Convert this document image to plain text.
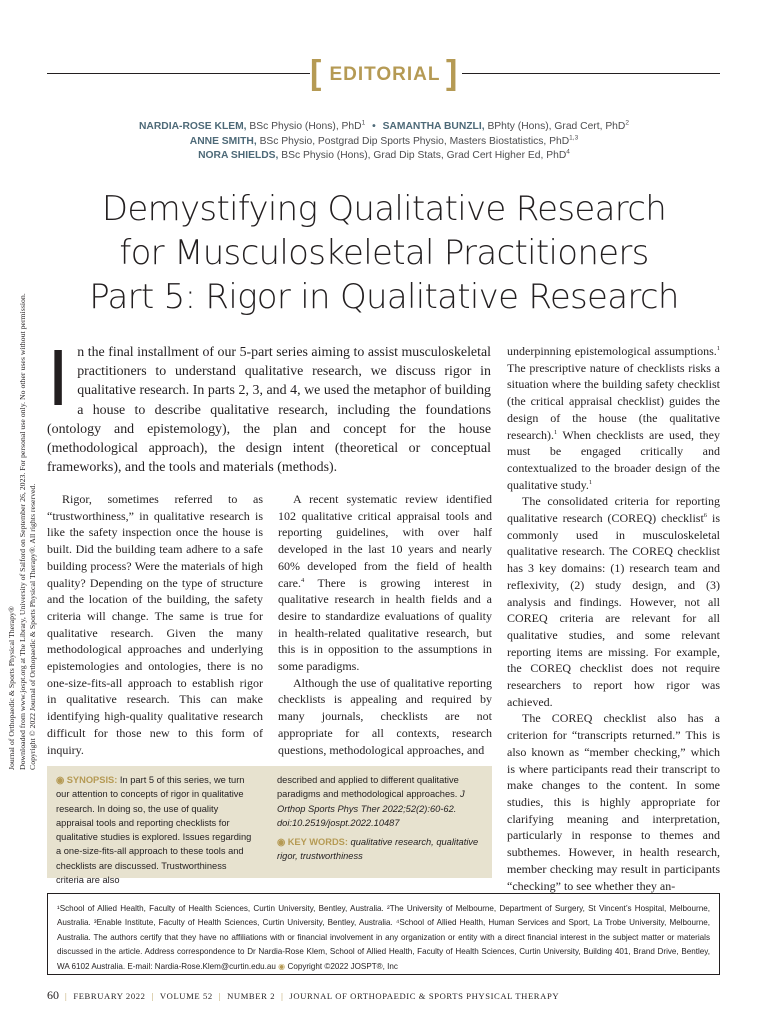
[ EDITORIAL ]
NARDIA-ROSE KLEM, BSc Physio (Hons), PhD$^1$ • SAMANTHA BUNZLI, BPhty (Hons), Grad Cert, PhD$^2$
ANNE SMITH, BSc Physio, Postgrad Dip Sports Physio, Masters Biostatistics, PhD$^{1,3}$
NORA SHIELDS, BSc Physio (Hons), Grad Dip Stats, Grad Cert Higher Ed, PhD$^4$
Demystifying Qualitative Research
for Musculoskeletal Practitioners
Part 5: Rigor in Qualitative Research
Journal of Orthopaedic & Sports Physical Therapy® Downloaded from www.jospt.org at The Library, University of Salford on September 26, 2023. For personal use only. No other uses without permission. Copyright © 2022 Journal of Orthopaedic & Sports Physical Therapy®. All rights reserved.
In the final installment of our 5-part series aiming to assist musculoskeletal practitioners to understand qualitative research, we discuss rigor in qualitative research. In parts 2, 3, and 4, we used the metaphor of building a house to describe qualitative research, including the foundations (ontology and epistemology), the plan and concept for the house (methodological approach), the design intent (theoretical or conceptual frameworks), and the tools and materials (methods).

Rigor, sometimes referred to as “trustworthiness,” in qualitative research is like the safety inspection once the house is built. Did the building team adhere to a safe building process? Were the materials of high quality? Depending on the type of structure and the location of the building, the safety criteria will change. The same is true for qualitative research. Given the many methodological approaches and underlying epistemologies and ontologies, there is no one-size-fits-all approach to establish rigor in qualitative research. This can make identifying high-quality qualitative research difficult for those new to this form of inquiry.

A recent systematic review identified 102 qualitative critical appraisal tools and reporting guidelines, with over half developed in the last 10 years and nearly 60% developed from the field of health care.$^4$ There is growing interest in qualitative research in health fields and a desire to standardize evaluations of quality in health-related qualitative research, but this is in opposition to the assumptions in some paradigms.

Although the use of qualitative reporting checklists is appealing and required by many journals, checklists are not appropriate for all contexts, research questions, methodological approaches, and

underpinning epistemological assumptions.$^1$ The prescriptive nature of checklists risks a situation where the building safety checklist (the critical appraisal checklist) guides the design of the house (the qualitative research).$^1$ When checklists are used, they must be engaged critically and contextualized to the broader design of the qualitative study.$^1$

The consolidated criteria for reporting qualitative research (COREQ) checklist$^6$ is commonly used in musculoskeletal qualitative research. The COREQ checklist has 3 key domains: (1) research team and reflexivity, (2) study design, and (3) analysis and findings. However, not all COREQ criteria are relevant for all qualitative studies, and some relevant reporting items are missing. For example, the COREQ checklist does not require researchers to report how rigor was achieved.

The COREQ checklist also has a criterion for “transcripts returned.” This is also known as “member checking,” which is where participants read their transcript to make changes to the content. In some studies, this is highly appropriate for clarifying meaning and interpretation, particularly in response to themes and subthemes. However, in health research, member checking may result in participants “checking” to see whether they an-

◉ SYNOPSIS: In part 5 of this series, we turn our attention to concepts of rigor in qualitative research. In doing so, the use of quality appraisal tools and reporting checklists for qualitative studies is explored. Issues regarding a one-size-fits-all approach to these tools and checklists are discussed. Trustworthiness criteria are also
described and applied to different qualitative paradigms and methodological approaches. J Orthop Sports Phys Ther 2022;52(2):60-62. doi:10.2519/jospt.2022.10487
◉ KEY WORDS: qualitative research, qualitative rigor, trustworthiness
¹School of Allied Health, Faculty of Health Sciences, Curtin University, Bentley, Australia. ²The University of Melbourne, Department of Surgery, St Vincent’s Hospital, Melbourne, Australia. ³Enable Institute, Faculty of Health Sciences, Curtin University, Bentley, Australia. ⁴School of Allied Health, Human Services and Sport, La Trobe University, Melbourne, Australia. The authors certify that they have no affiliations with or financial involvement in any organization or entity with a direct financial interest in the subject matter or materials discussed in the article. Address correspondence to Dr Nardia-Rose Klem, School of Allied Health, Faculty of Health Sciences, Curtin University, Building 401, Brand Drive, Bentley, WA 6102 Australia. E-mail: Nardia-Rose.Klem@curtin.edu.au ◉ Copyright ©2022 JOSPT®, Inc
60 | FEBRUARY 2022 | VOLUME 52 | NUMBER 2 | JOURNAL OF ORTHOPAEDIC & SPORTS PHYSICAL THERAPY
